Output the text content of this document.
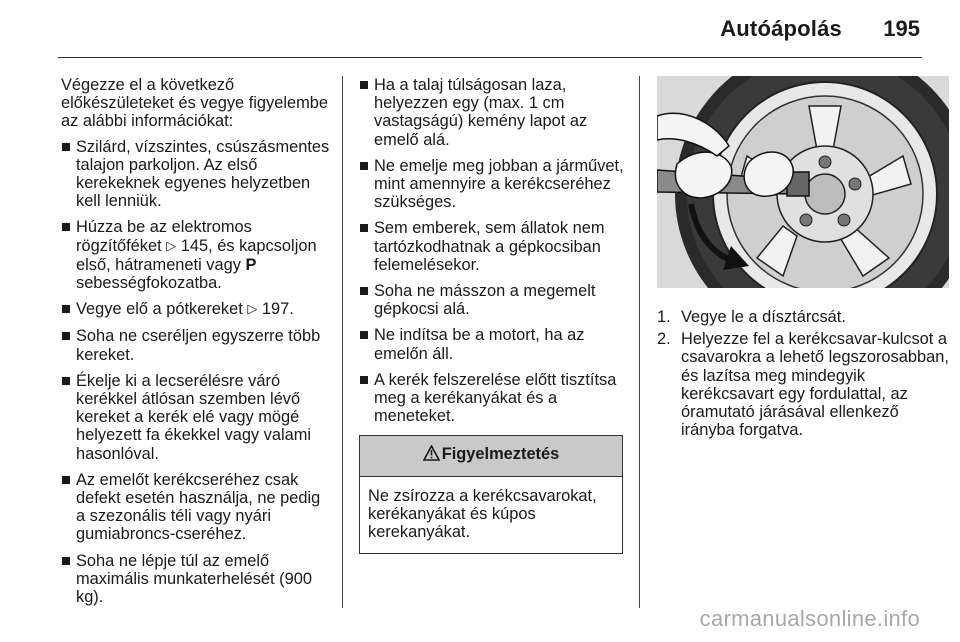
Autóápolás 195

Végezze el a következő előkészületeket és vegye figyelembe az alábbi információkat:

Szilárd, vízszintes, csúszásmentes talajon parkoljon. Az első kerekeknek egyenes helyzetben kell lenniük.
Húzza be az elektromos rögzítőféket ▷ 145, és kapcsoljon első, hátrameneti vagy P sebességfokozatba.
Vegye elő a pótkereket ▷ 197.
Soha ne cseréljen egyszerre több kereket.
Ékelje ki a lecserélésre váró kerékkel átlósan szemben lévő kereket a kerék elé vagy mögé helyezett fa ékekkel vagy valami hasonlóval.
Az emelőt kerékcseréhez csak defekt esetén használja, ne pedig a szezonális téli vagy nyári gumiabroncs-cseréhez.
Soha ne lépje túl az emelő maximális munkaterhelését (900 kg).
Ha a talaj túlságosan laza, helyezzen egy (max. 1 cm vastagságú) kemény lapot az emelő alá.
Ne emelje meg jobban a járművet, mint amennyire a kerékcseréhez szükséges.
Sem emberek, sem állatok nem tartózkodhatnak a gépkocsiban felemelésekor.
Soha ne másszon a megemelt gépkocsi alá.
Ne indítsa be a motort, ha az emelőn áll.
A kerék felszerelése előtt tisztítsa meg a kerékanyákat és a meneteket.
Figyelmeztetés
Ne zsírozza a kerékcsavarokat, kerékanyákat és kúpos kerekanyákat.
1. Vegye le a dísztárcsát.
2. Helyezze fel a kerékcsavar-kulcsot a csavarokra a lehető legszorosabban, és lazítsa meg mindegyik kerékcsavart egy fordulattal, az óramutató járásával ellenkező irányba forgatva.
carmanualsonline.info
